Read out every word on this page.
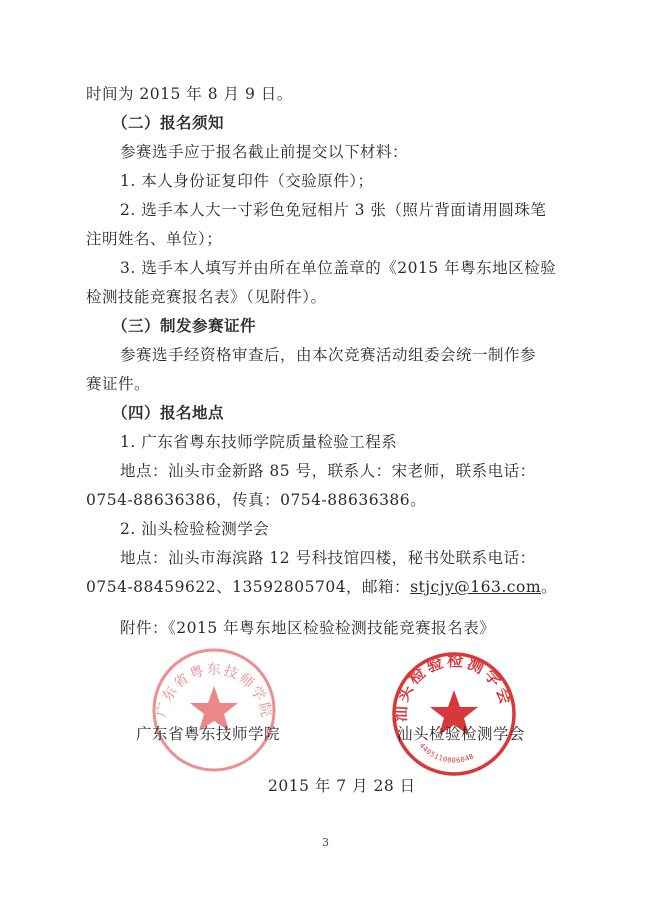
时间为 2015 年 8 月 9 日。
（二）报名须知
参赛选手应于报名截止前提交以下材料：
1. 本人身份证复印件（交验原件）；
2. 选手本人大一寸彩色免冠相片 3 张（照片背面请用圆珠笔
注明姓名、单位）；
3. 选手本人填写并由所在单位盖章的《2015 年粤东地区检验
检测技能竞赛报名表》（见附件）。
（三）制发参赛证件
参赛选手经资格审查后，由本次竞赛活动组委会统一制作参
赛证件。
（四）报名地点
1. 广东省粤东技师学院质量检验工程系
地点：汕头市金新路 85 号，联系人：宋老师，联系电话：
0754-88636386，传真：0754-88636386。
2. 汕头检验检测学会
地点：汕头市海滨路 12 号科技馆四楼，秘书处联系电话：
0754-88459622、13592805704，邮箱：stjcjy@163.com。
附件：《2015 年粤东地区检验检测技能竞赛报名表》
广东省粤东技师学院	汕头检验检测学会
4405110006048
广东省粤东技师学院	汕头检验检测学会
2015 年 7 月 28 日
3
